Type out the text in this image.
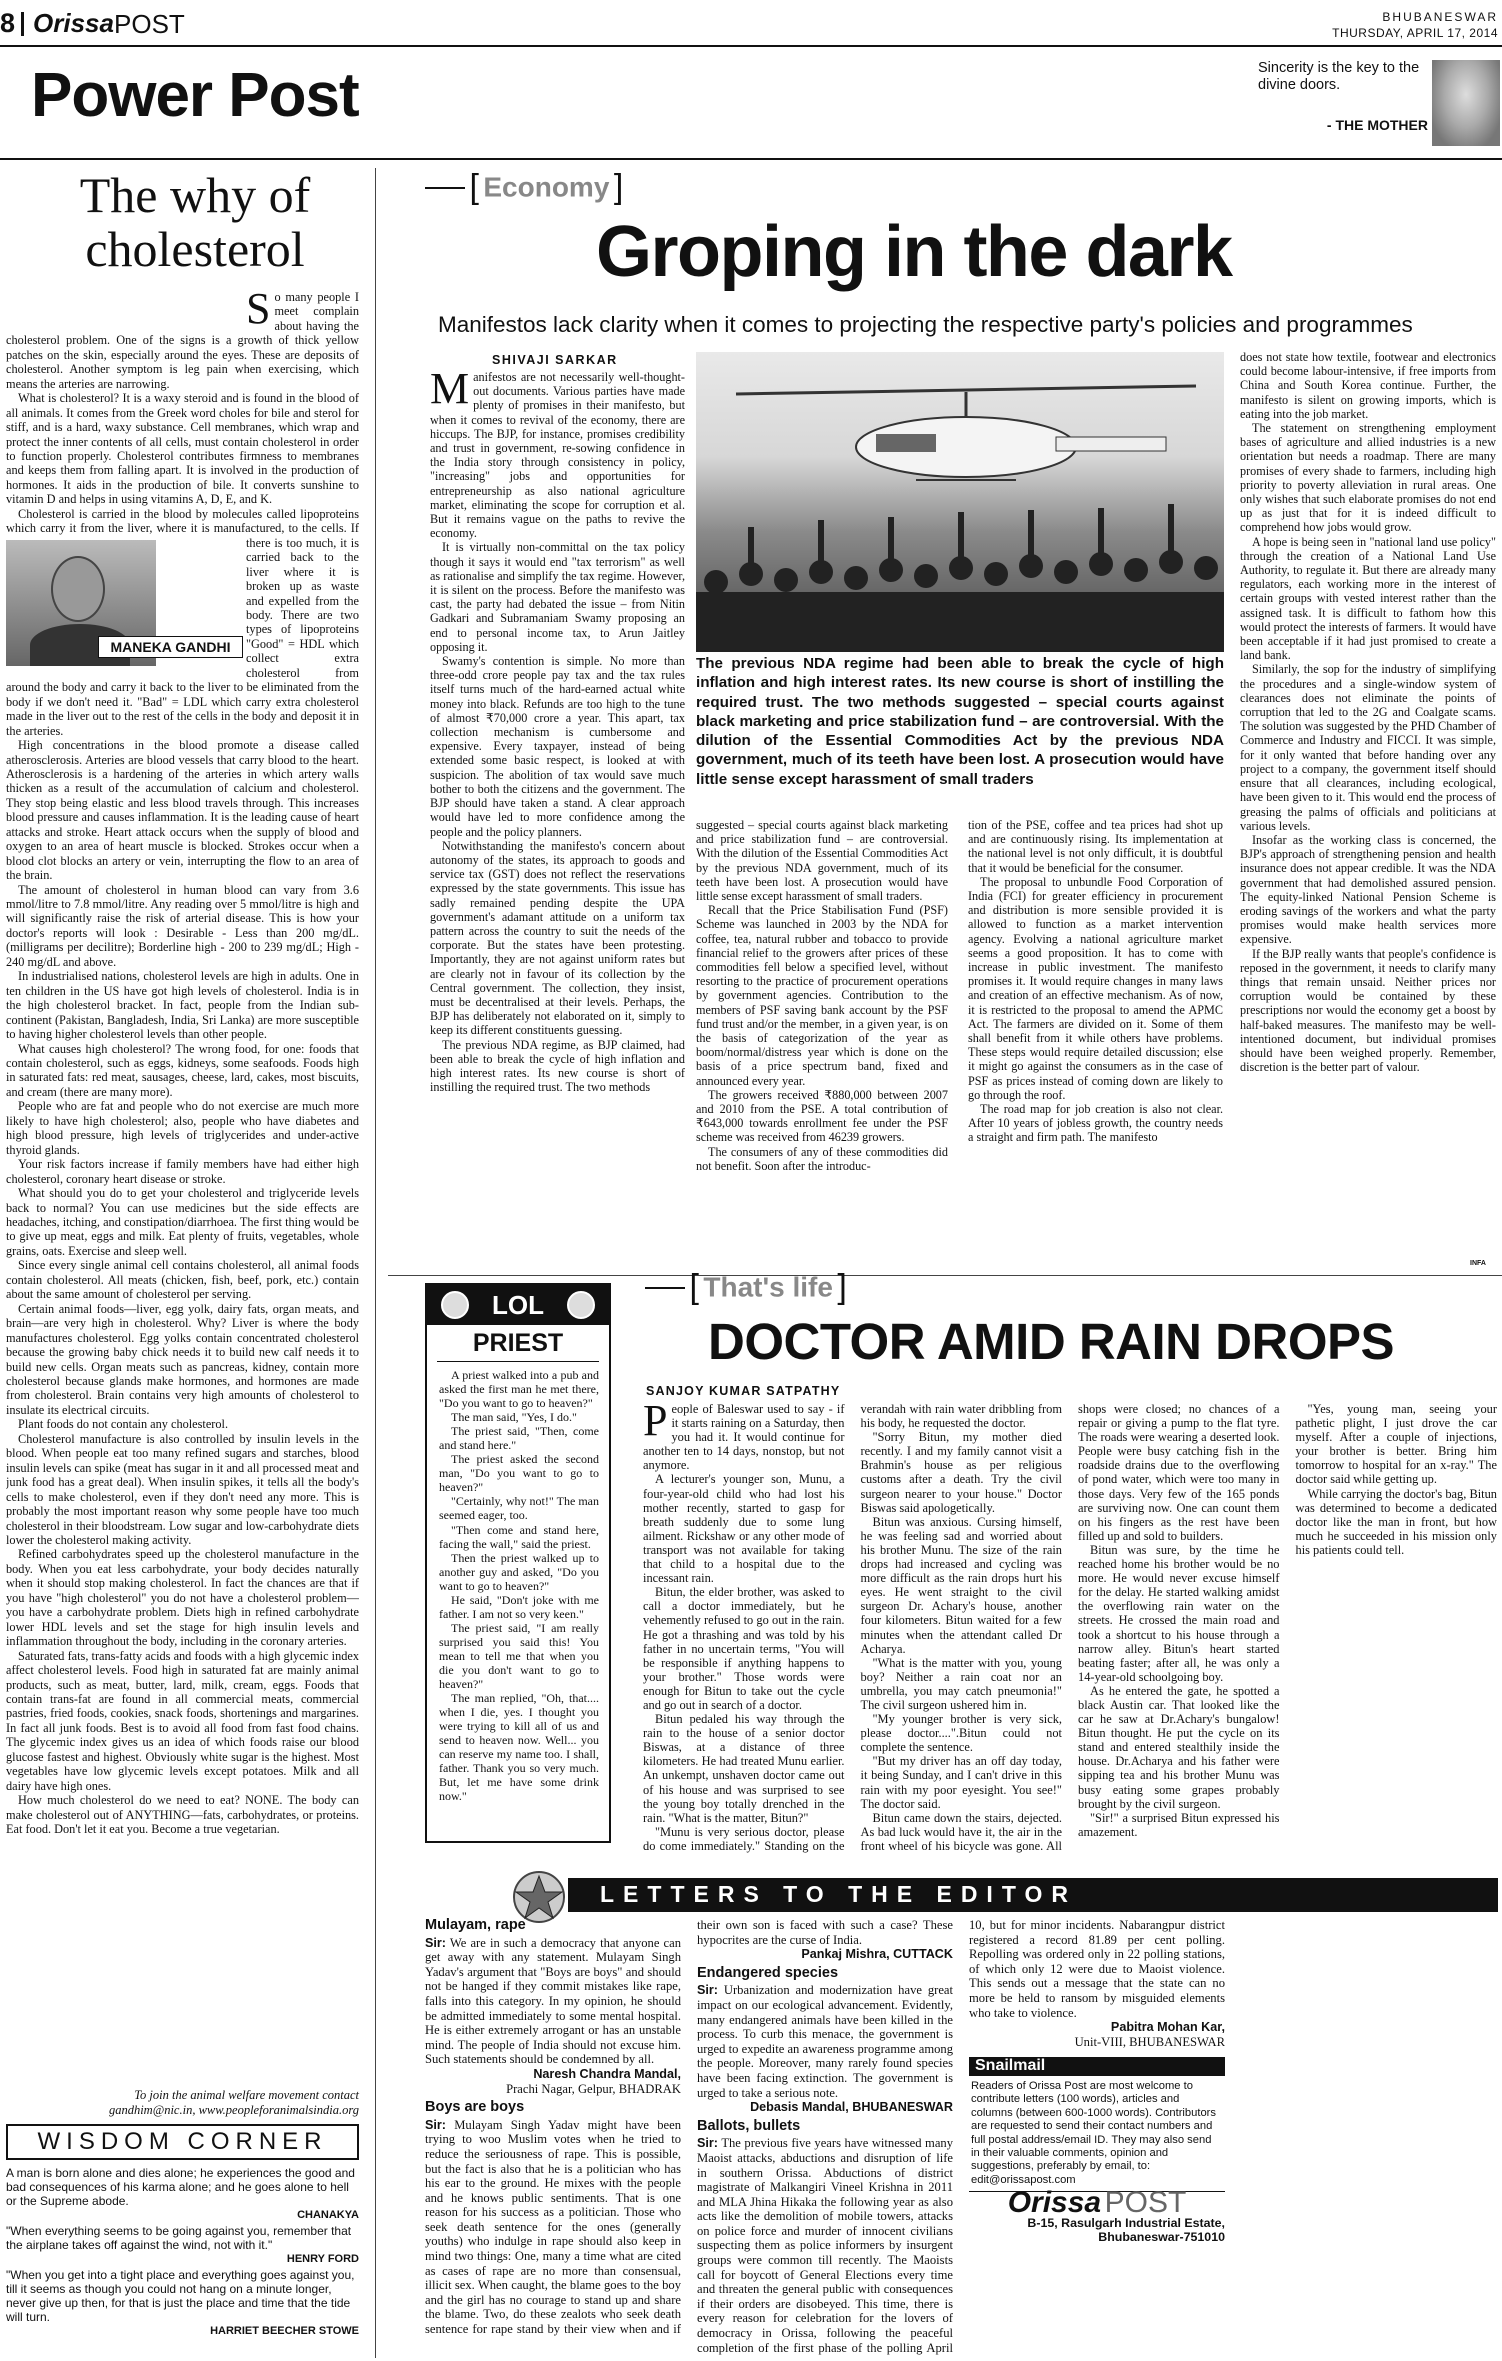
8 Orissa POST	BHUBANESWAR
THURSDAY, APRIL 17, 2014
Power Post	Sincerity is the key to the divine doors.
- THE MOTHER
The why of cholesterol
MANEKA GANDHI

So many people I meet complain about having the cholesterol problem. One of the signs is a growth of thick yellow patches on the skin, especially around the eyes. These are deposits of cholesterol. Another symptom is leg pain when exercising, which means the arteries are narrowing.

What is cholesterol? It is a waxy steroid and is found in the blood of all animals. It comes from the Greek word choles for bile and sterol for stiff, and is a hard, waxy substance. Cell membranes, which wrap and protect the inner contents of all cells, must contain cholesterol in order to function properly. Cholesterol contributes firmness to membranes and keeps them from falling apart. It is involved in the production of hormones. It aids in the production of bile. It converts sunshine to vitamin D and helps in using vitamins A, D, E, and K.

Cholesterol is carried in the blood by molecules called lipoproteins which carry it from the liver, where it is manufactured, to the cells. If there is too much, it is carried back to the liver where it is broken up as waste and expelled from the body. There are two types of lipoproteins "Good" = HDL which collect extra cholesterol from around the body and carry it back to the liver to be eliminated from the body if we don't need it. "Bad" = LDL which carry extra cholesterol made in the liver out to the rest of the cells in the body and deposit it in the arteries.

High concentrations in the blood promote a disease called atherosclerosis. Arteries are blood vessels that carry blood to the heart. Atherosclerosis is a hardening of the arteries in which artery walls thicken as a result of the accumulation of calcium and cholesterol. They stop being elastic and less blood travels through. This increases blood pressure and causes inflammation. It is the leading cause of heart attacks and stroke. Heart attack occurs when the supply of blood and oxygen to an area of heart muscle is blocked. Strokes occur when a blood clot blocks an artery or vein, interrupting the flow to an area of the brain.

The amount of cholesterol in human blood can vary from 3.6 mmol/litre to 7.8 mmol/litre. Any reading over 5 mmol/litre is high and will significantly raise the risk of arterial disease. This is how your doctor's reports will look : Desirable - Less than 200 mg/dL.(milligrams per decilitre); Borderline high - 200 to 239 mg/dL; High - 240 mg/dL and above.

In industrialised nations, cholesterol levels are high in adults. One in ten children in the US have got high levels of cholesterol. India is in the high cholesterol bracket. In fact, people from the Indian sub-continent (Pakistan, Bangladesh, India, Sri Lanka) are more susceptible to having higher cholesterol levels than other people.

What causes high cholesterol? The wrong food, for one: foods that contain cholesterol, such as eggs, kidneys, some seafoods. Foods high in saturated fats: red meat, sausages, cheese, lard, cakes, most biscuits, and cream (there are many more).

People who are fat and people who do not exercise are much more likely to have high cholesterol; also, people who have diabetes and high blood pressure, high levels of triglycerides and under-active thyroid glands.

Your risk factors increase if family members have had either high cholesterol, coronary heart disease or stroke.

What should you do to get your cholesterol and triglyceride levels back to normal? You can use medicines but the side effects are headaches, itching, and constipation/diarrhoea. The first thing would be to give up meat, eggs and milk. Eat plenty of fruits, vegetables, whole grains, oats. Exercise and sleep well.

Since every single animal cell contains cholesterol, all animal foods contain cholesterol. All meats (chicken, fish, beef, pork, etc.) contain about the same amount of cholesterol per serving.

Certain animal foods—liver, egg yolk, dairy fats, organ meats, and brain—are very high in cholesterol. Why? Liver is where the body manufactures cholesterol. Egg yolks contain concentrated cholesterol because the growing baby chick needs it to build new calf needs it to build new cells. Organ meats such as pancreas, kidney, contain more cholesterol because glands make hormones, and hormones are made from cholesterol. Brain contains very high amounts of cholesterol to insulate its electrical circuits.

Plant foods do not contain any cholesterol.

Cholesterol manufacture is also controlled by insulin levels in the blood. When people eat too many refined sugars and starches, blood insulin levels can spike (meat has sugar in it and all processed meat and junk food has a great deal). When insulin spikes, it tells all the body's cells to make cholesterol, even if they don't need any more. This is probably the most important reason why some people have too much cholesterol in their bloodstream. Low sugar and low-carbohydrate diets lower the cholesterol making activity.

Refined carbohydrates speed up the cholesterol manufacture in the body. When you eat less carbohydrate, your body decides naturally when it should stop making cholesterol. In fact the chances are that if you have "high cholesterol" you do not have a cholesterol problem—you have a carbohydrate problem. Diets high in refined carbohydrate lower HDL levels and set the stage for high insulin levels and inflammation throughout the body, including in the coronary arteries.

Saturated fats, trans-fatty acids and foods with a high glycemic index affect cholesterol levels. Food high in saturated fat are mainly animal products, such as meat, butter, lard, milk, cream, eggs. Foods that contain trans-fat are found in all commercial meats, commercial pastries, fried foods, cookies, snack foods, shortenings and margarines. In fact all junk foods. Best is to avoid all food from fast food chains. The glycemic index gives us an idea of which foods raise our blood glucose fastest and highest. Obviously white sugar is the highest. Most vegetables have low glycemic levels except potatoes. Milk and all dairy have high ones.

How much cholesterol do we need to eat? NONE. The body can make cholesterol out of ANYTHING—fats, carbohydrates, or proteins. Eat food. Don't let it eat you. Become a true vegetarian.

To join the animal welfare movement contact
gandhim@nic.in, www.peopleforanimalsindia.org
WISDOM CORNER
A man is born alone and dies alone; he experiences the good and bad consequences of his karma alone; and he goes alone to hell or the Supreme abode.
CHANAKYA
"When everything seems to be going against you, remember that the airplane takes off against the wind, not with it."
HENRY FORD
"When you get into a tight place and everything goes against you, till it seems as though you could not hang on a minute longer, never give up then, for that is just the place and time that the tide will turn.
HARRIET BEECHER STOWE
[ Economy ]
Groping in the dark
Manifestos lack clarity when it comes to projecting the respective party's policies and programmes
SHIVAJI SARKAR
The previous NDA regime had been able to break the cycle of high inflation and high interest rates. Its new course is short of instilling the required trust. The two methods suggested – special courts against black marketing and price stabilization fund – are controversial. With the dilution of the Essential Commodities Act by the previous NDA government, much of its teeth have been lost. A prosecution would have little sense except harassment of small traders

Manifestos are not necessarily well-thought-out documents. Various parties have made plenty of promises in their manifesto, but when it comes to revival of the economy, there are hiccups. The BJP, for instance, promises credibility and trust in government, re-sowing confidence in the India story through consistency in policy, "increasing" jobs and opportunities for entrepreneurship as also national agriculture market, eliminating the scope for corruption et al. But it remains vague on the paths to revive the economy.

It is virtually non-committal on the tax policy though it says it would end "tax terrorism" as well as rationalise and simplify the tax regime. However, it is silent on the process. Before the manifesto was cast, the party had debated the issue – from Nitin Gadkari and Subramaniam Swamy proposing an end to personal income tax, to Arun Jaitley opposing it.

Swamy's contention is simple. No more than three-odd crore people pay tax and the tax rules itself turns much of the hard-earned actual white money into black. Refunds are too high to the tune of almost ₹70,000 crore a year. This apart, tax collection mechanism is cumbersome and expensive. Every taxpayer, instead of being extended some basic respect, is looked at with suspicion. The abolition of tax would save much bother to both the citizens and the government. The BJP should have taken a stand. A clear approach would have led to more confidence among the people and the policy planners.

Notwithstanding the manifesto's concern about autonomy of the states, its approach to goods and service tax (GST) does not reflect the reservations expressed by the state governments. This issue has sadly remained pending despite the UPA government's adamant attitude on a uniform tax pattern across the country to suit the needs of the corporate. But the states have been protesting. Importantly, they are not against uniform rates but are clearly not in favour of its collection by the Central government. The collection, they insist, must be decentralised at their levels. Perhaps, the BJP has deliberately not elaborated on it, simply to keep its different constituents guessing.

The previous NDA regime, as BJP claimed, had been able to break the cycle of high inflation and high interest rates. Its new course is short of instilling the required trust. The two methods

suggested – special courts against black marketing and price stabilization fund – are controversial. With the dilution of the Essential Commodities Act by the previous NDA government, much of its teeth have been lost. A prosecution would have little sense except harassment of small traders.

Recall that the Price Stabilisation Fund (PSF) Scheme was launched in 2003 by the NDA for coffee, tea, natural rubber and tobacco to provide financial relief to the growers after prices of these commodities fell below a specified level, without resorting to the practice of procurement operations by government agencies. Contribution to the members of PSF saving bank account by the PSF fund trust and/or the member, in a given year, is on the basis of categorization of the year as boom/normal/distress year which is done on the basis of a price spectrum band, fixed and announced every year.

The growers received ₹880,000 between 2007 and 2010 from the PSE. A total contribution of ₹643,000 towards enrollment fee under the PSF scheme was received from 46239 growers.

The consumers of any of these commodities did not benefit. Soon after the introduc-

tion of the PSE, coffee and tea prices had shot up and are continuously rising. Its implementation at the national level is not only difficult, it is doubtful that it would be beneficial for the consumer.

The proposal to unbundle Food Corporation of India (FCI) for greater efficiency in procurement and distribution is more sensible provided it is allowed to function as a market intervention agency. Evolving a national agriculture market seems a good proposition. It has to come with increase in public investment. The manifesto promises it. It would require changes in many laws and creation of an effective mechanism. As of now, it is restricted to the proposal to amend the APMC Act. The farmers are divided on it. Some of them shall benefit from it while others have problems. These steps would require detailed discussion; else it might go against the consumers as in the case of PSF as prices instead of coming down are likely to go through the roof.

The road map for job creation is also not clear. After 10 years of jobless growth, the country needs a straight and firm path. The manifesto

does not state how textile, footwear and electronics could become labour-intensive, if free imports from China and South Korea continue. Further, the manifesto is silent on growing imports, which is eating into the job market.

The statement on strengthening employment bases of agriculture and allied industries is a new orientation but needs a roadmap. There are many promises of every shade to farmers, including high priority to poverty alleviation in rural areas. One only wishes that such elaborate promises do not end up as just that for it is indeed difficult to comprehend how jobs would grow.

A hope is being seen in "national land use policy" through the creation of a National Land Use Authority, to regulate it. But there are already many regulators, each working more in the interest of certain groups with vested interest rather than the assigned task. It is difficult to fathom how this would protect the interests of farmers. It would have been acceptable if it had just promised to create a land bank.

Similarly, the sop for the industry of simplifying the procedures and a single-window system of clearances does not eliminate the points of corruption that led to the 2G and Coalgate scams. The solution was suggested by the PHD Chamber of Commerce and Industry and FICCI. It was simple, for it only wanted that before handing over any project to a company, the government itself should ensure that all clearances, including ecological, have been given to it. This would end the process of greasing the palms of officials and politicians at various levels.

Insofar as the working class is concerned, the BJP's approach of strengthening pension and health insurance does not appear credible. It was the NDA government that had demolished assured pension. The equity-linked National Pension Scheme is eroding savings of the workers and what the party promises would make health services more expensive.

If the BJP really wants that people's confidence is reposed in the government, it needs to clarify many things that remain unsaid. Neither prices nor corruption would be contained by these prescriptions nor would the economy get a boost by half-baked measures. The manifesto may be well-intentioned document, but individual promises should have been weighed properly. Remember, discretion is the better part of valour.

INFA
LOL
PRIEST

A priest walked into a pub and asked the first man he met there, "Do you want to go to heaven?"

The man said, "Yes, I do."

The priest said, "Then, come and stand here."

The priest asked the second man, "Do you want to go to heaven?"

"Certainly, why not!" The man seemed eager, too.

"Then come and stand here, facing the wall," said the priest.

Then the priest walked up to another guy and asked, "Do you want to go to heaven?"

He said, "Don't joke with me father. I am not so very keen."

The priest said, "I am really surprised you said this! You mean to tell me that when you die you don't want to go to heaven?"

The man replied, "Oh, that.... when I die, yes. I thought you were trying to kill all of us and send to heaven now. Well... you can reserve my name too. I shall, father. Thank you so very much. But, let me have some drink now."

[ That's life ]
DOCTOR AMID RAIN DROPS
SANJOY KUMAR SATPATHY

People of Baleswar used to say - if it starts raining on a Saturday, then you had it. It would continue for another ten to 14 days, nonstop, but not anymore.

A lecturer's younger son, Munu, a four-year-old child who had lost his mother recently, started to gasp for breath suddenly due to some lung ailment. Rickshaw or any other mode of transport was not available for taking that child to a hospital due to the incessant rain.

Bitun, the elder brother, was asked to call a doctor immediately, but he vehemently refused to go out in the rain. He got a thrashing and was told by his father in no uncertain terms, "You will be responsible if anything happens to your brother." Those words were enough for Bitun to take out the cycle and go out in search of a doctor.

Bitun pedaled his way through the rain to the house of a senior doctor Biswas, at a distance of three kilometers. He had treated Munu earlier. An unkempt, unshaven doctor came out of his house and was surprised to see the young boy totally drenched in the rain. "What is the matter, Bitun?"

"Munu is very serious doctor, please do come immediately." Standing on the verandah with rain water dribbling from his body, he requested the doctor.

"Sorry Bitun, my mother died recently. I and my family cannot visit a Brahmin's house as per religious customs after a death. Try the civil surgeon nearer to your house." Doctor Biswas said apologetically.

Bitun was anxious. Cursing himself, he was feeling sad and worried about his brother Munu. The size of the rain drops had increased and cycling was more difficult as the rain drops hurt his eyes. He went straight to the civil surgeon Dr. Achary's house, another four kilometers. Bitun waited for a few minutes when the attendant called Dr Acharya.

"What is the matter with you, young boy? Neither a rain coat nor an umbrella, you may catch pneumonia!" The civil surgeon ushered him in.

"My younger brother is very sick, please doctor....".Bitun could not complete the sentence.

"But my driver has an off day today, it being Sunday, and I can't drive in this rain with my poor eyesight. You see!" The doctor said.

Bitun came down the stairs, dejected. As bad luck would have it, the air in the front wheel of his bicycle was gone. All shops were closed; no chances of a repair or giving a pump to the flat tyre. The roads were wearing a deserted look. People were busy catching fish in the roadside drains due to the overflowing of pond water, which were too many in those days. Very few of the 165 ponds are surviving now. One can count them on his fingers as the rest have been filled up and sold to builders.

Bitun was sure, by the time he reached home his brother would be no more. He would never excuse himself for the delay. He started walking amidst the overflowing rain water on the streets. He crossed the main road and took a shortcut to his house through a narrow alley. Bitun's heart started beating faster; after all, he was only a 14-year-old schoolgoing boy.

As he entered the gate, he spotted a black Austin car. That looked like the car he saw at Dr.Achary's bungalow! Bitun thought. He put the cycle on its stand and entered stealthily inside the house. Dr.Acharya and his father were sipping tea and his brother Munu was busy eating some grapes probably brought by the civil surgeon.

"Sir!" a surprised Bitun expressed his amazement.

"Yes, young man, seeing your pathetic plight, I just drove the car myself. After a couple of injections, your brother is better. Bring him tomorrow to hospital for an x-ray." The doctor said while getting up.

While carrying the doctor's bag, Bitun was determined to become a dedicated doctor like the man in front, but how much he succeeded in his mission only his patients could tell.

LETTERS TO THE EDITOR
Mulayam, rape

Sir: We are in such a democracy that anyone can get away with any statement. Mulayam Singh Yadav's argument that "Boys are boys" and should not be hanged if they commit mistakes like rape, falls into this category. In my opinion, he should be admitted immediately to some mental hospital. He is either extremely arrogant or has an unstable mind. The people of India should not excuse him. Such statements should be condemned by all.

Naresh Chandra Mandal,
Prachi Nagar, Gelpur, BHADRAK
Boys are boys

Sir: Mulayam Singh Yadav might have been trying to woo Muslim votes when he tried to reduce the seriousness of rape. This is possible, but the fact is also that he is a politician who has his ear to the ground. He mixes with the people and he knows public sentiments. That is one reason for his success as a politician. Those who seek death sentence for the ones (generally youths) who indulge in rape should also keep in mind two things: One, many a time what are cited as cases of rape are no more than consensual, illicit sex. When caught, the blame goes to the boy and the girl has no courage to stand up and share the blame. Two, do these zealots who seek death sentence for rape stand by their view when and if their own son is faced with such a case? These hypocrites are the curse of India.

Pankaj Mishra, CUTTACK
Endangered species

Sir: Urbanization and modernization have great impact on our ecological advancement. Evidently, many endangered animals have been killed in the process. To curb this menace, the government is urged to expedite an awareness programme among the people. Moreover, many rarely found species have been facing extinction. The government is urged to take a serious note.

Debasis Mandal, BHUBANESWAR
Ballots, bullets

Sir: The previous five years have witnessed many Maoist attacks, abductions and disruption of life in southern Orissa. Abductions of district magistrate of Malkangiri Vineel Krishna in 2011 and MLA Jhina Hikaka the following year as also acts like the demolition of mobile towers, attacks on police force and murder of innocent civilians suspecting them as police informers by insurgent groups were common till recently. The Maoists call for boycott of General Elections every time and threaten the general public with consequences if their orders are disobeyed. This time, there is every reason for celebration for the lovers of democracy in Orissa, following the peaceful completion of the first phase of the polling April 10, but for minor incidents. Nabarangpur district registered a record 81.89 per cent polling. Repolling was ordered only in 22 polling stations, of which only 12 were due to Maoist violence. This sends out a message that the state can no more be held to ransom by misguided elements who take to violence.

Pabitra Mohan Kar,
Unit-VIII, BHUBANESWAR
Snailmail
Readers of Orissa Post are most welcome to contribute letters (100 words), articles and columns (between 600-1000 words). Contributors are requested to send their contact numbers and full postal address/email ID. They may also send in their valuable comments, opinion and suggestions, preferably by email, to: edit@orissapost.com
Orissa POST
B-15, Rasulgarh Industrial Estate,
Bhubaneswar-751010
